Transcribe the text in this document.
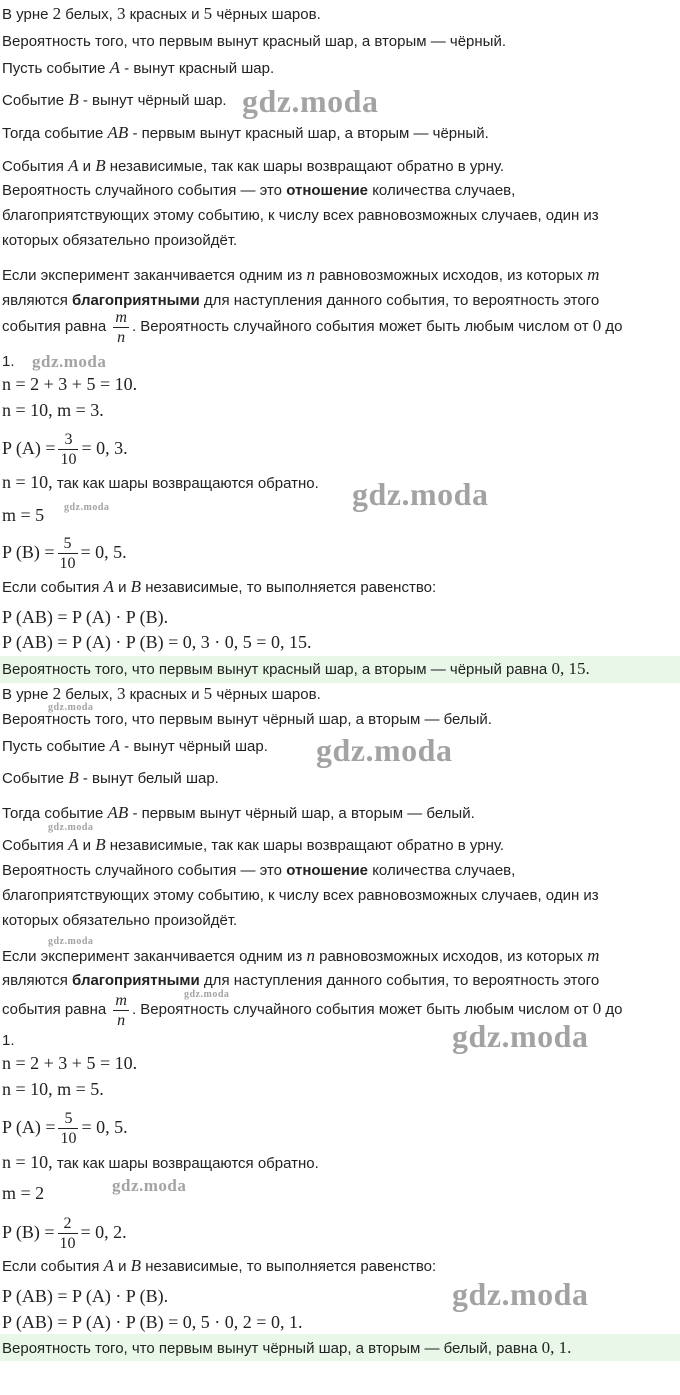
В урне 2 белых, 3 красных и 5 чёрных шаров.
Вероятность того, что первым вынут красный шар, а вторым — чёрный.
Пусть событие A - вынут красный шар.
Событие B - вынут чёрный шар.
Тогда событие AB - первым вынут красный шар, а вторым — чёрный.
События A и B независимые, так как шары возвращают обратно в урну.
Вероятность случайного события — это отношение количества случаев,
благоприятствующих этому событию, к числу всех равновозможных случаев, один из
которых обязательно произойдёт.
Если эксперимент заканчивается одним из n равновозможных исходов, из которых m
являются благоприятными для наступления данного события, то вероятность этого
события равна $\frac{m}{n}$ . Вероятность случайного события может быть любым числом от 0 до
1.
n = 2 + 3 + 5 = 10.
n = 10, m = 3.
P $(A) = \frac{3}{10} = 0$, 3.
n = 10, так как шары возвращаются обратно.
m = 5
P $(B) = \frac{5}{10} = 0$, 5.
Если события A и B независимые, то выполняется равенство:
P (AB) = P (A) · P (B).
P (AB) = P (A) · P (B) = 0, 3 · 0, 5 = 0, 15.
Вероятность того, что первым вынут красный шар, а вторым — чёрный равна 0, 15.
В урне 2 белых, 3 красных и 5 чёрных шаров.
Вероятность того, что первым вынут чёрный шар, а вторым — белый.
Пусть событие A - вынут чёрный шар.
Событие B - вынут белый шар.
Тогда событие AB - первым вынут чёрный шар, а вторым — белый.
События A и B независимые, так как шары возвращают обратно в урну.
Вероятность случайного события — это отношение количества случаев,
благоприятствующих этому событию, к числу всех равновозможных случаев, один из
которых обязательно произойдёт.
Если эксперимент заканчивается одним из n равновозможных исходов, из которых m
являются благоприятными для наступления данного события, то вероятность этого
события равна $\frac{m}{n}$ . Вероятность случайного события может быть любым числом от 0 до
1.
n = 2 + 3 + 5 = 10.
n = 10, m = 5.
P $(A) = \frac{5}{10} = 0$, 5.
n = 10, так как шары возвращаются обратно.
m = 2
P $(B) = \frac{2}{10} = 0$, 2.
Если события A и B независимые, то выполняется равенство:
P (AB) = P (A) · P (B).
P (AB) = P (A) · P (B) = 0, 5 · 0, 2 = 0, 1.
Вероятность того, что первым вынут чёрный шар, а вторым — белый, равна 0, 1.
gdz.moda
gdz.moda
gdz.moda
gdz.moda
gdz.moda
gdz.moda
gdz.moda
gdz.moda
gdz.moda
gdz.moda
gdz.moda
gdz.moda
